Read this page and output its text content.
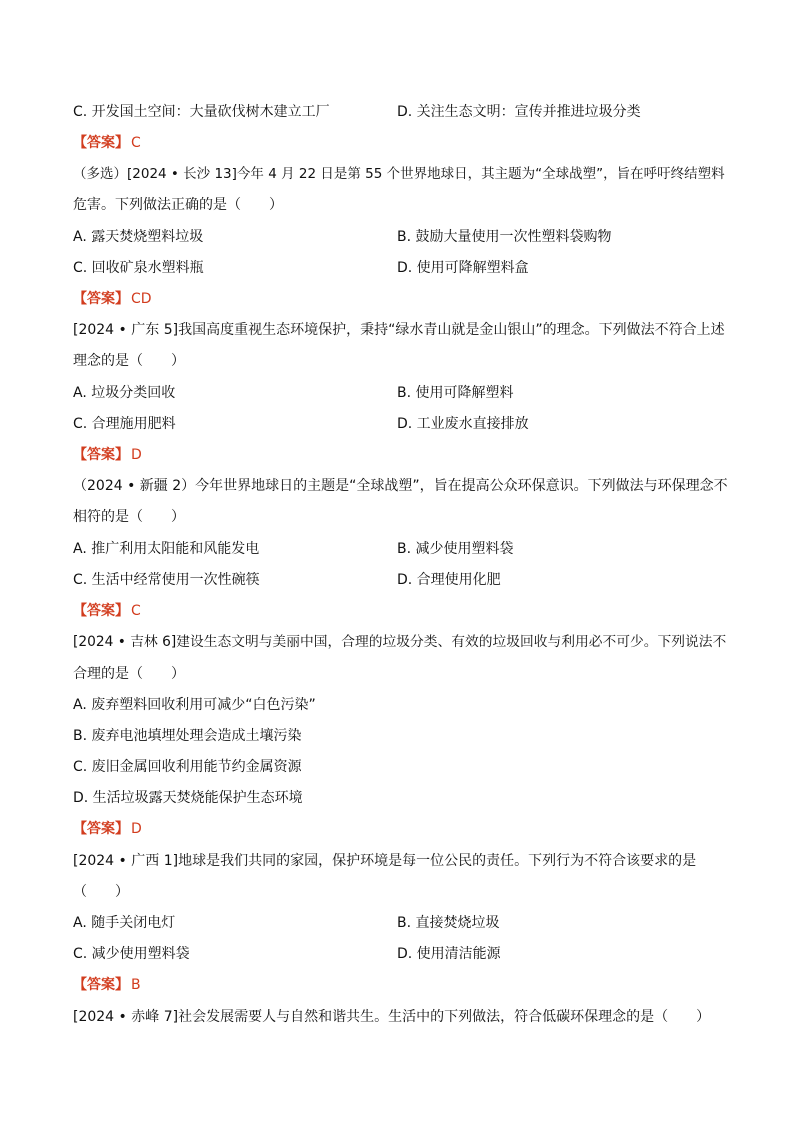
C. 开发国土空间：大量砍伐树木建立工厂	D. 关注生态文明：宣传并推进垃圾分类
【答案】 C
（多选）[2024 • 长沙 13]今年 4 月 22 日是第 55 个世界地球日，其主题为“全球战塑”，旨在呼吁终结塑料
危害。下列做法正确的是（　　）
A. 露天焚烧塑料垃圾	B. 鼓励大量使用一次性塑料袋购物
C. 回收矿泉水塑料瓶	D. 使用可降解塑料盒
【答案】 CD
[2024 • 广东 5]我国高度重视生态环境保护，秉持“绿水青山就是金山银山”的理念。下列做法不符合上述
理念的是（　　）
A. 垃圾分类回收	B. 使用可降解塑料
C. 合理施用肥料	D. 工业废水直接排放
【答案】 D
（2024 • 新疆 2）今年世界地球日的主题是“全球战塑”，旨在提高公众环保意识。下列做法与环保理念不
相符的是（　　）
A. 推广利用太阳能和风能发电	B. 减少使用塑料袋
C. 生活中经常使用一次性碗筷	D. 合理使用化肥
【答案】 C
[2024 • 吉林 6]建设生态文明与美丽中国，合理的垃圾分类、有效的垃圾回收与利用必不可少。下列说法不
合理的是（　　）
A. 废弃塑料回收利用可减少“白色污染”
B. 废弃电池填埋处理会造成土壤污染
C. 废旧金属回收利用能节约金属资源
D. 生活垃圾露天焚烧能保护生态环境
【答案】 D
[2024 • 广西 1]地球是我们共同的家园，保护环境是每一位公民的责任。下列行为不符合该要求的是
（　　）
A. 随手关闭电灯	B. 直接焚烧垃圾
C. 减少使用塑料袋	D. 使用清洁能源
【答案】 B
[2024 • 赤峰 7]社会发展需要人与自然和谐共生。生活中的下列做法，符合低碳环保理念的是（　　）
